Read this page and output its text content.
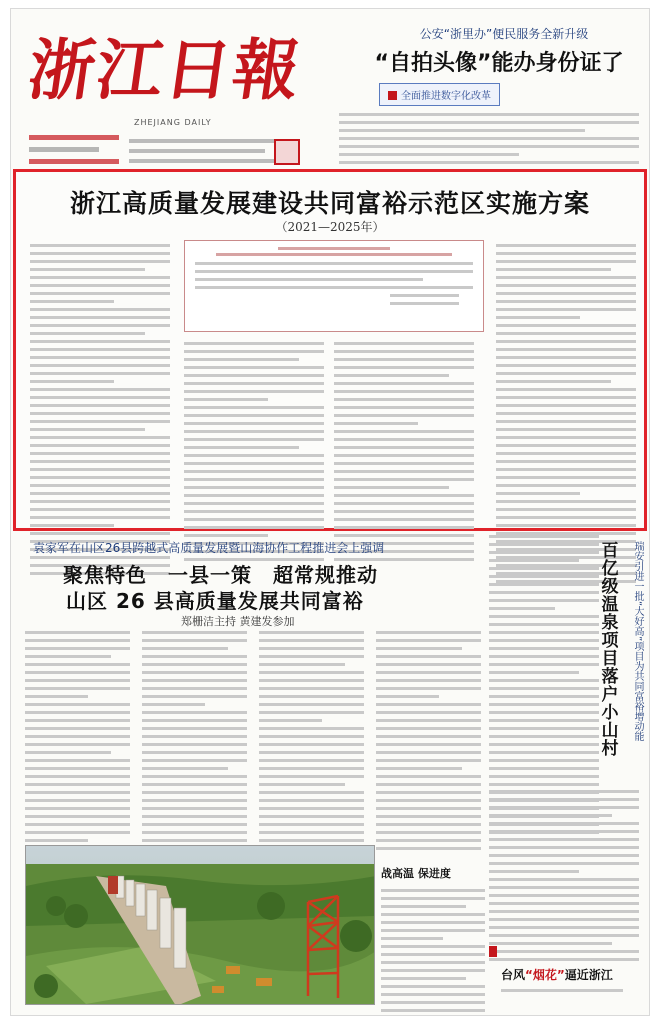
浙江日報
ZHEJIANG DAILY
公安“浙里办”便民服务全新升级
“自拍头像”能办身份证了
全面推进数字化改革
浙江高质量发展建设共同富裕示范区实施方案
（2021—2025年）
袁家军在山区26县跨越式高质量发展暨山海协作工程推进会上强调
聚焦特色　一县一策　超常规推动
山区 26 县高质量发展共同富裕
郑栅洁主持 黄建发参加	百亿级温泉项目落户小山村 瑞安引进一批“大好高”项目为共同富裕增动能
战高温 保进度
台风“烟花”逼近浙江
